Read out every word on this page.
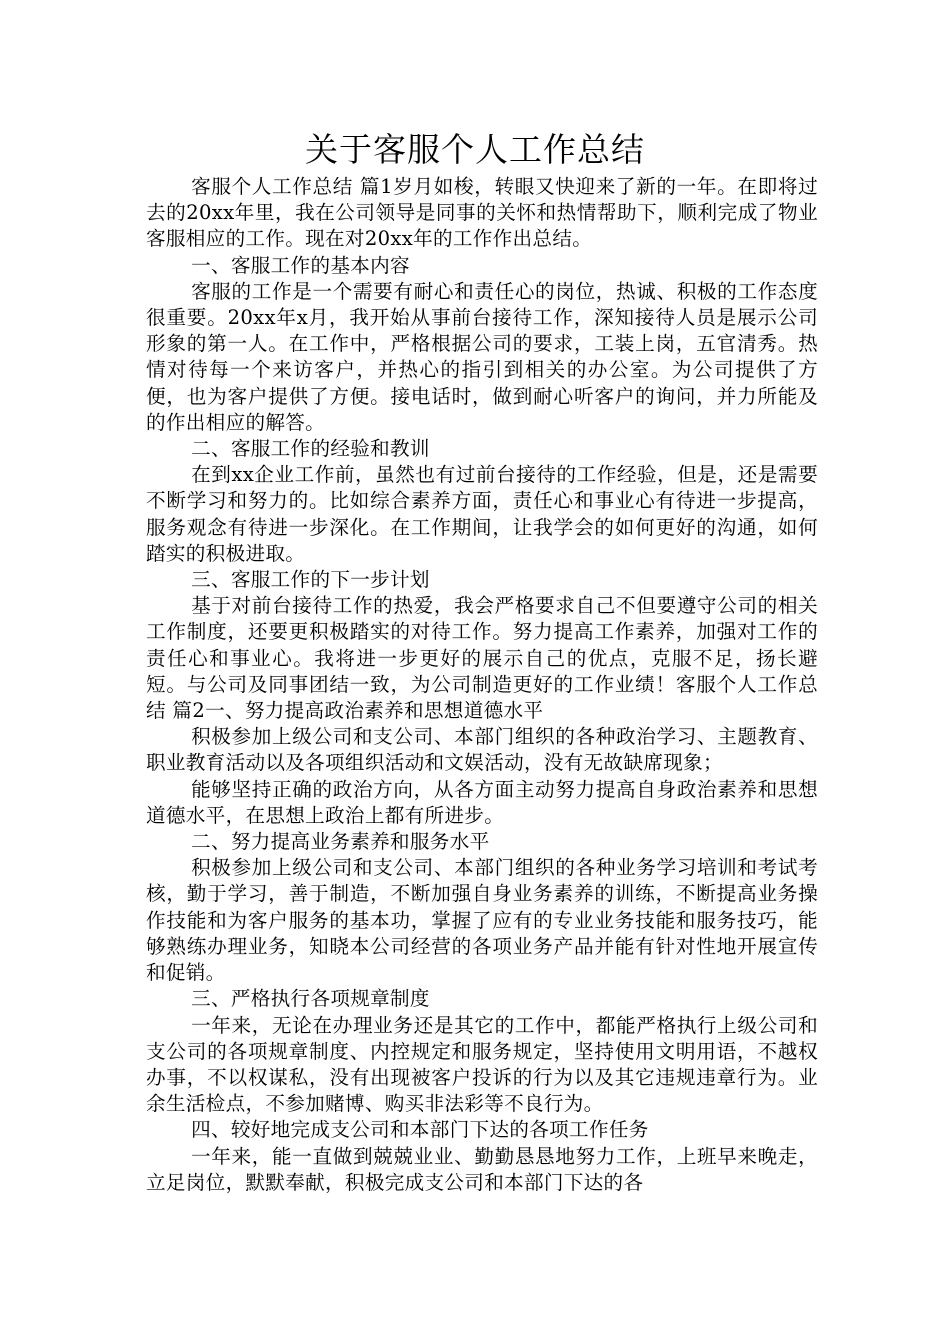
关于客服个人工作总结

客服个人工作总结 篇1岁月如梭，转眼又快迎来了新的一年。在即将过去的20xx年里，我在公司领导是同事的关怀和热情帮助下，顺利完成了物业客服相应的工作。现在对20xx年的工作作出总结。

一、客服工作的基本内容

客服的工作是一个需要有耐心和责任心的岗位，热诚、积极的工作态度很重要。20xx年x月，我开始从事前台接待工作，深知接待人员是展示公司形象的第一人。在工作中，严格根据公司的要求，工装上岗，五官清秀。热情对待每一个来访客户，并热心的指引到相关的办公室。为公司提供了方便，也为客户提供了方便。接电话时，做到耐心听客户的询问，并力所能及的作出相应的解答。

二、客服工作的经验和教训

在到xx企业工作前，虽然也有过前台接待的工作经验，但是，还是需要不断学习和努力的。比如综合素养方面，责任心和事业心有待进一步提高，服务观念有待进一步深化。在工作期间，让我学会的如何更好的沟通，如何踏实的积极进取。

三、客服工作的下一步计划

基于对前台接待工作的热爱，我会严格要求自己不但要遵守公司的相关工作制度，还要更积极踏实的对待工作。努力提高工作素养，加强对工作的责任心和事业心。我将进一步更好的展示自己的优点，克服不足，扬长避短。与公司及同事团结一致，为公司制造更好的工作业绩！客服个人工作总结 篇2一、努力提高政治素养和思想道德水平

积极参加上级公司和支公司、本部门组织的各种政治学习、主题教育、职业教育活动以及各项组织活动和文娱活动，没有无故缺席现象；

能够坚持正确的政治方向，从各方面主动努力提高自身政治素养和思想道德水平，在思想上政治上都有所进步。

二、努力提高业务素养和服务水平

积极参加上级公司和支公司、本部门组织的各种业务学习培训和考试考核，勤于学习，善于制造，不断加强自身业务素养的训练，不断提高业务操作技能和为客户服务的基本功，掌握了应有的专业业务技能和服务技巧，能够熟练办理业务，知晓本公司经营的各项业务产品并能有针对性地开展宣传和促销。

三、严格执行各项规章制度

一年来，无论在办理业务还是其它的工作中，都能严格执行上级公司和支公司的各项规章制度、内控规定和服务规定，坚持使用文明用语，不越权办事，不以权谋私，没有出现被客户投诉的行为以及其它违规违章行为。业余生活检点，不参加赌博、购买非法彩等不良行为。

四、较好地完成支公司和本部门下达的各项工作任务

一年来，能一直做到兢兢业业、勤勤恳恳地努力工作，上班早来晚走，立足岗位，默默奉献，积极完成支公司和本部门下达的各
